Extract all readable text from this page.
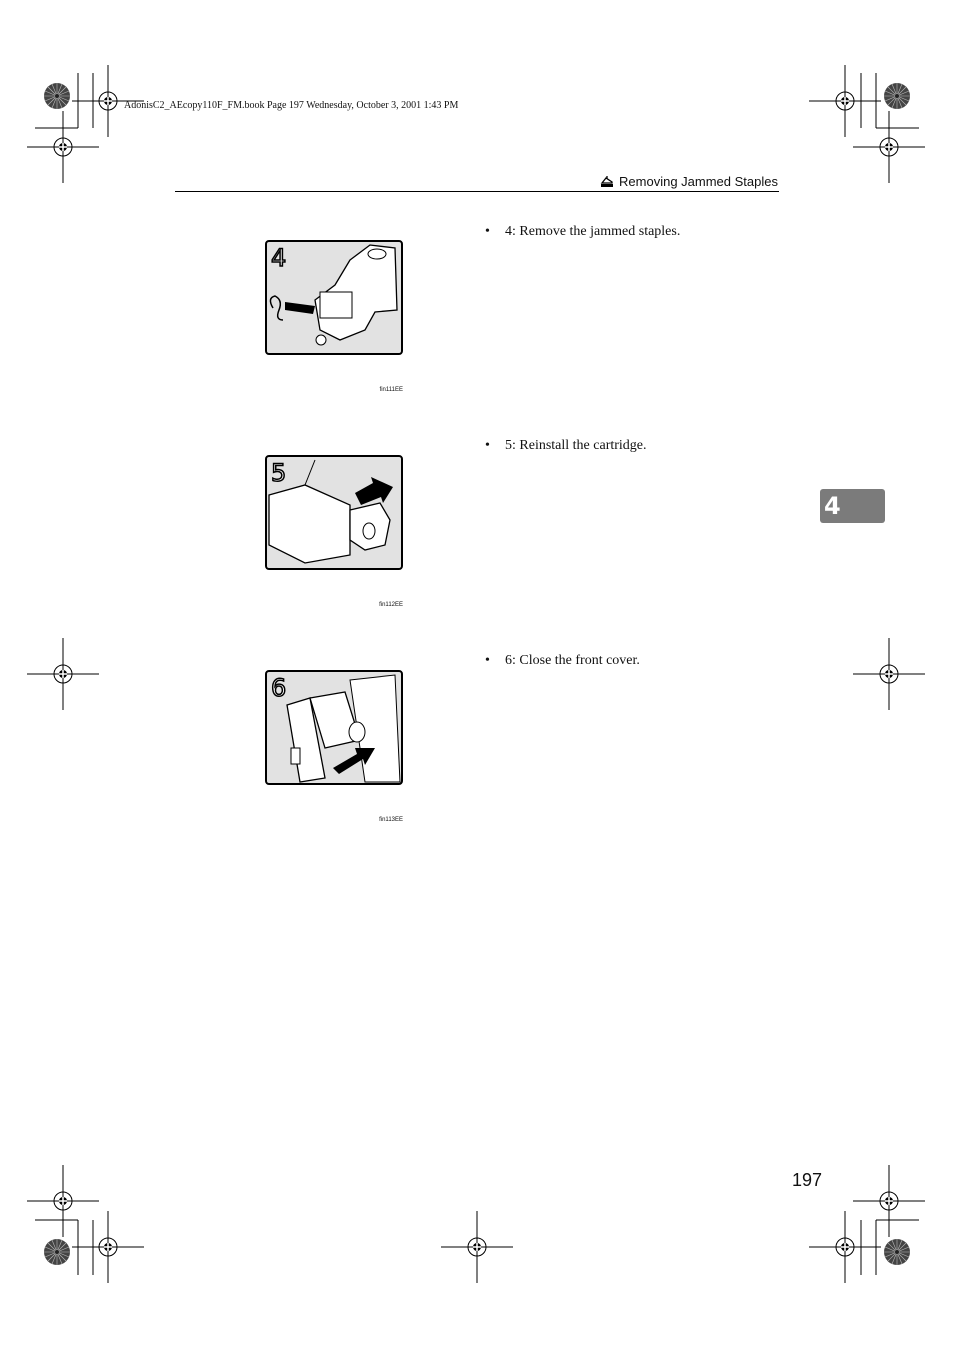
AdonisC2_AEcopy110F_FM.book Page 197 Wednesday, October 3, 2001 1:43 PM
Removing Jammed Staples
4
fin111EE
• 4: Remove the jammed staples.
5
fin112EE
• 5: Reinstall the cartridge.
6
fin113EE
• 6: Close the front cover.
4
197
